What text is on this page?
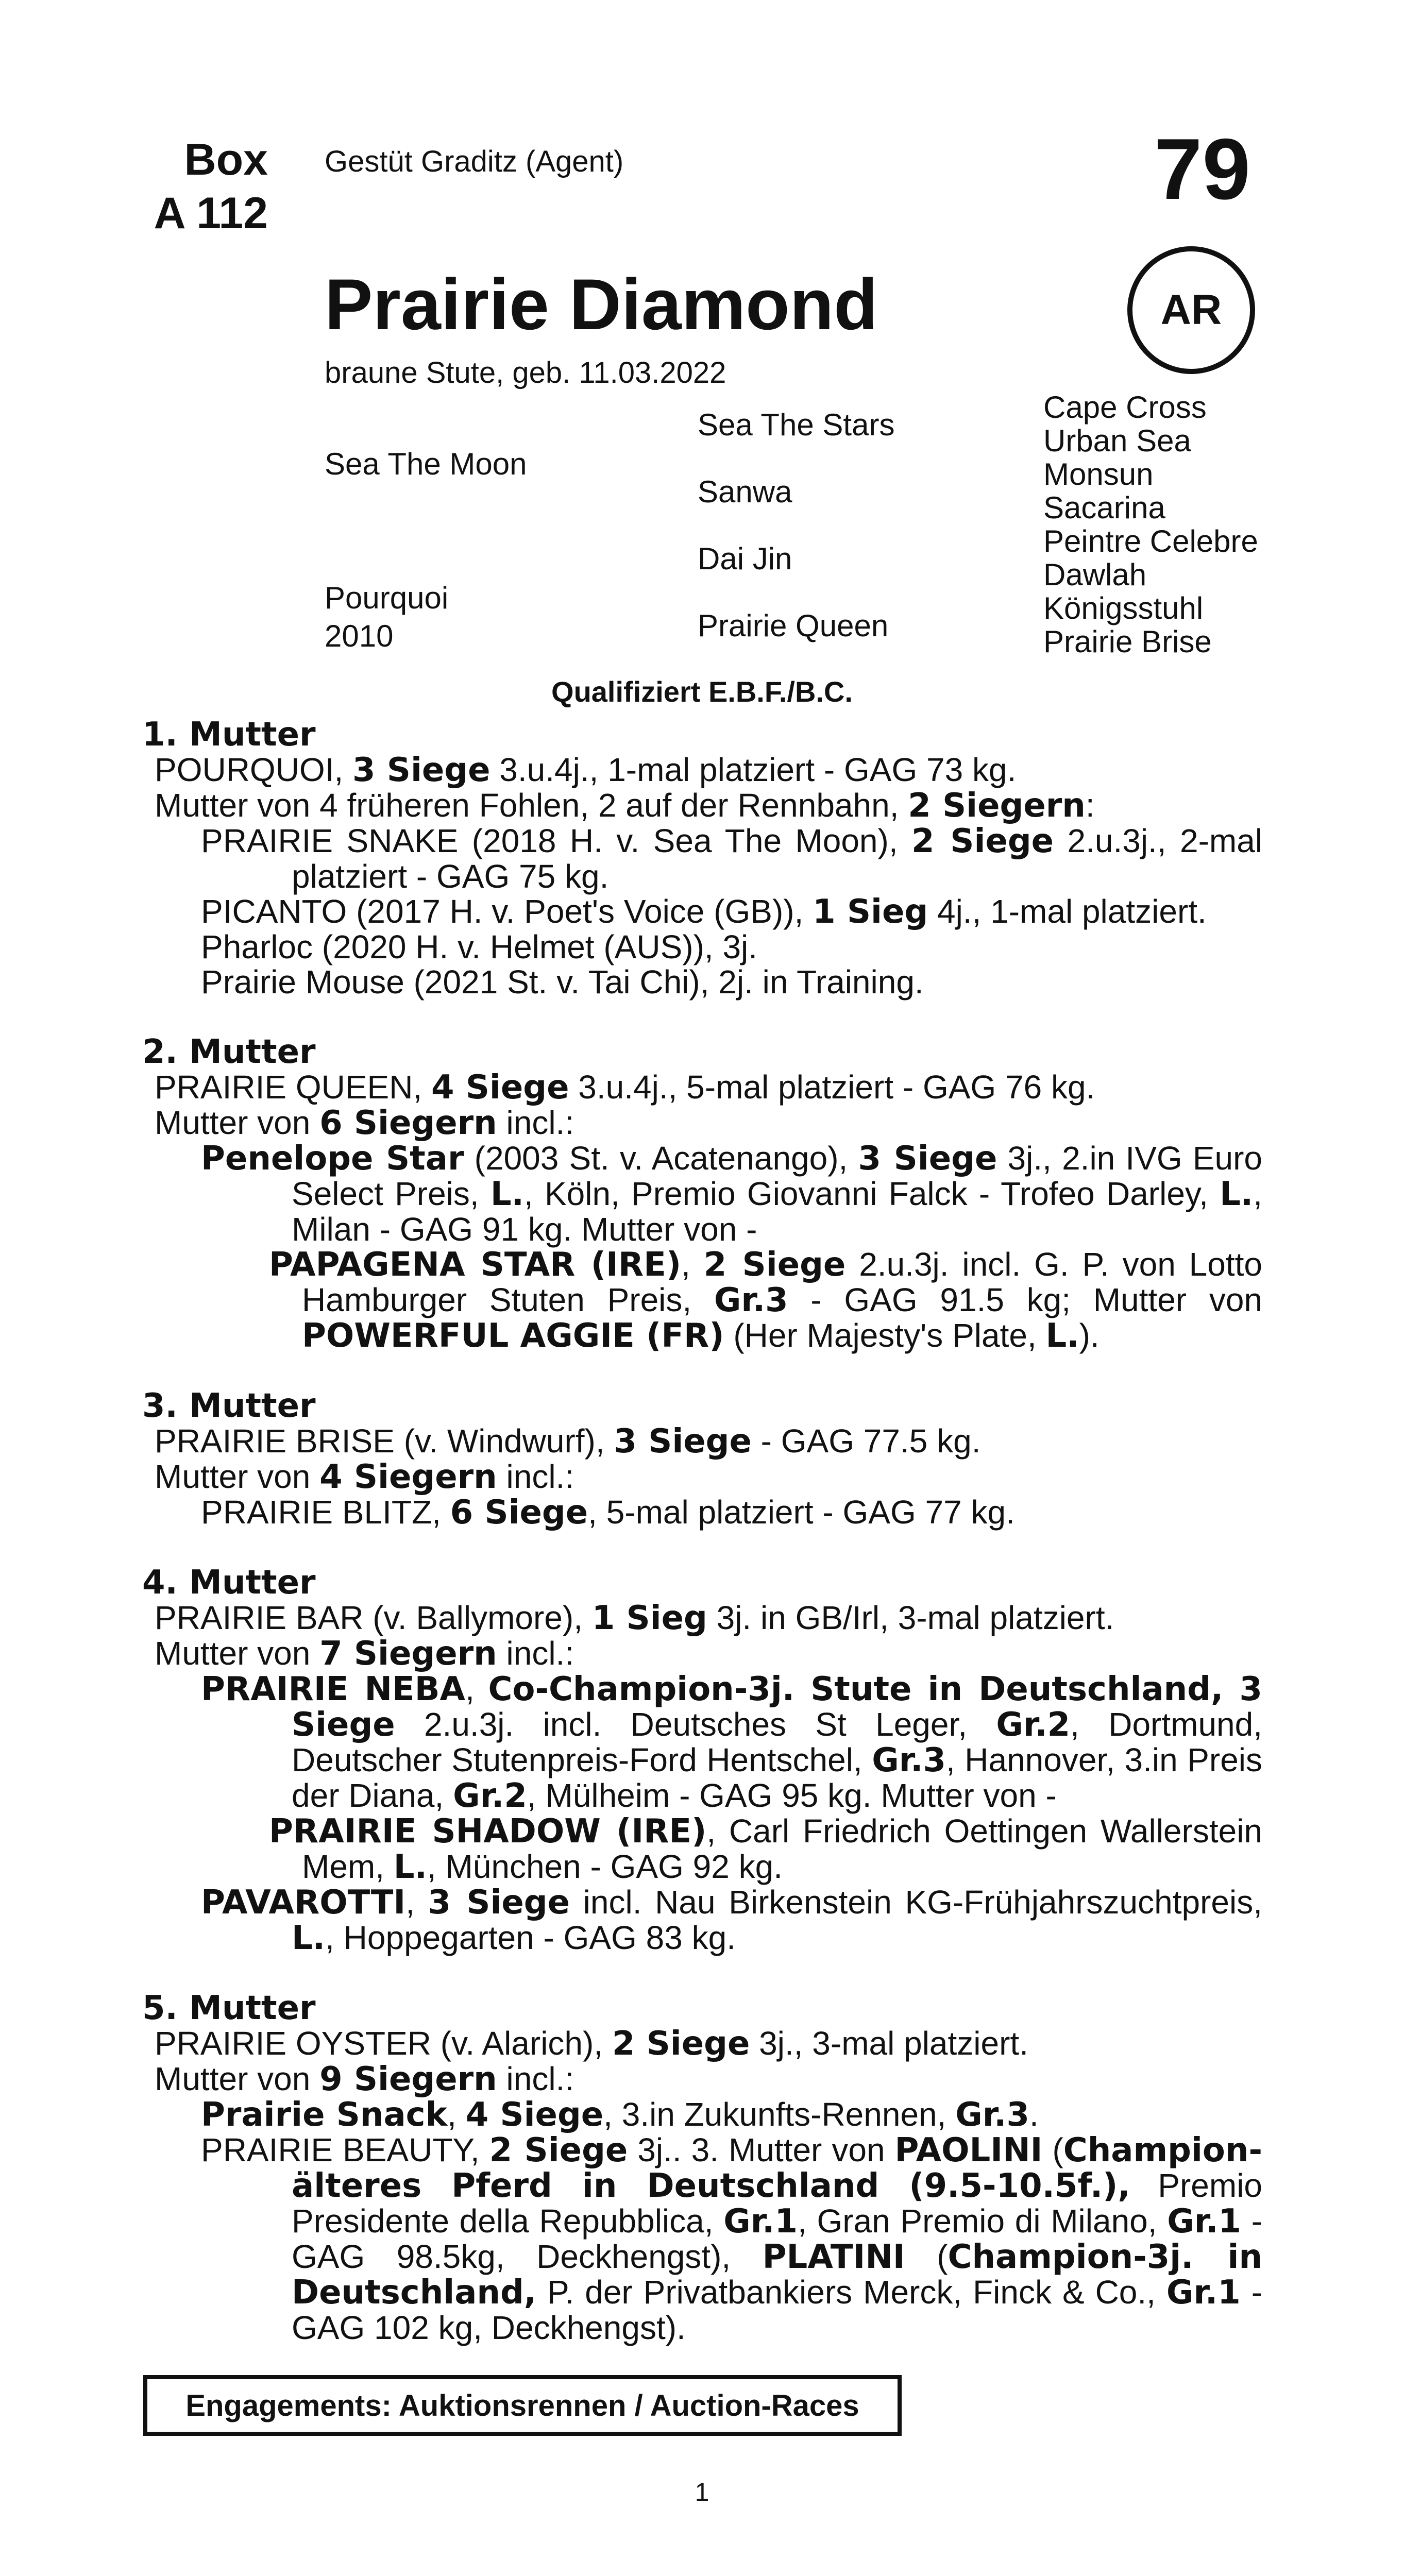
Box
A 112
Gestüt Graditz (Agent)	79
Prairie Diamond	AR
braune Stute, geb. 11.03.2022
Sea The Moon
Pourquoi
2010
Sea The Stars
Sanwa
Dai Jin
Prairie Queen
Cape Cross
Urban Sea
Monsun
Sacarina
Peintre Celebre
Dawlah
Königsstuhl
Prairie Brise
Qualifiziert E.B.F./B.C.

1. Mutter

POURQUOI, 3 Siege 3.u.4j., 1-mal platziert - GAG 73 kg.

Mutter von 4 früheren Fohlen, 2 auf der Rennbahn, 2 Siegern:

PRAIRIE SNAKE (2018 H. v. Sea The Moon), 2 Siege 2.u.3j., 2-mal platziert - GAG 75 kg.

PICANTO (2017 H. v. Poet's Voice (GB)), 1 Sieg 4j., 1-mal platziert.

Pharloc (2020 H. v. Helmet (AUS)), 3j.

Prairie Mouse (2021 St. v. Tai Chi), 2j. in Training.

2. Mutter

PRAIRIE QUEEN, 4 Siege 3.u.4j., 5-mal platziert - GAG 76 kg.

Mutter von 6 Siegern incl.:

Penelope Star (2003 St. v. Acatenango), 3 Siege 3j., 2.in IVG Euro Select Preis, L., Köln, Premio Giovanni Falck - Trofeo Darley, L., Milan - GAG 91 kg. Mutter von -

PAPAGENA STAR (IRE), 2 Siege 2.u.3j. incl. G. P. von Lotto Hamburger Stuten Preis, Gr.3 - GAG 91.5 kg; Mutter von POWERFUL AGGIE (FR) (Her Majesty's Plate, L.).

3. Mutter

PRAIRIE BRISE (v. Windwurf), 3 Siege - GAG 77.5 kg.

Mutter von 4 Siegern incl.:

PRAIRIE BLITZ, 6 Siege, 5-mal platziert - GAG 77 kg.

4. Mutter

PRAIRIE BAR (v. Ballymore), 1 Sieg 3j. in GB/Irl, 3-mal platziert.

Mutter von 7 Siegern incl.:

PRAIRIE NEBA, Co-Champion-3j. Stute in Deutschland, 3 Siege 2.u.3j. incl. Deutsches St Leger, Gr.2, Dortmund, Deutscher Stutenpreis-Ford Hentschel, Gr.3, Hannover, 3.in Preis der Diana, Gr.2, Mülheim - GAG 95 kg. Mutter von -

PRAIRIE SHADOW (IRE), Carl Friedrich Oettingen Wallerstein Mem, L., München - GAG 92 kg.

PAVAROTTI, 3 Siege incl. Nau Birkenstein KG-Frühjahrszuchtpreis, L., Hoppegarten - GAG 83 kg.

5. Mutter

PRAIRIE OYSTER (v. Alarich), 2 Siege 3j., 3-mal platziert.

Mutter von 9 Siegern incl.:

Prairie Snack, 4 Siege, 3.in Zukunfts-Rennen, Gr.3.

PRAIRIE BEAUTY, 2 Siege 3j.. 3. Mutter von PAOLINI (Champion-älteres Pferd in Deutschland (9.5-10.5f.), Premio Presidente della Repubblica, Gr.1, Gran Premio di Milano, Gr.1 - GAG 98.5kg, Deckhengst), PLATINI (Champion-3j. in Deutschland, P. der Privatbankiers Merck, Finck & Co., Gr.1 - GAG 102 kg, Deckhengst).

Engagements: Auktionsrennen / Auction-Races
1
